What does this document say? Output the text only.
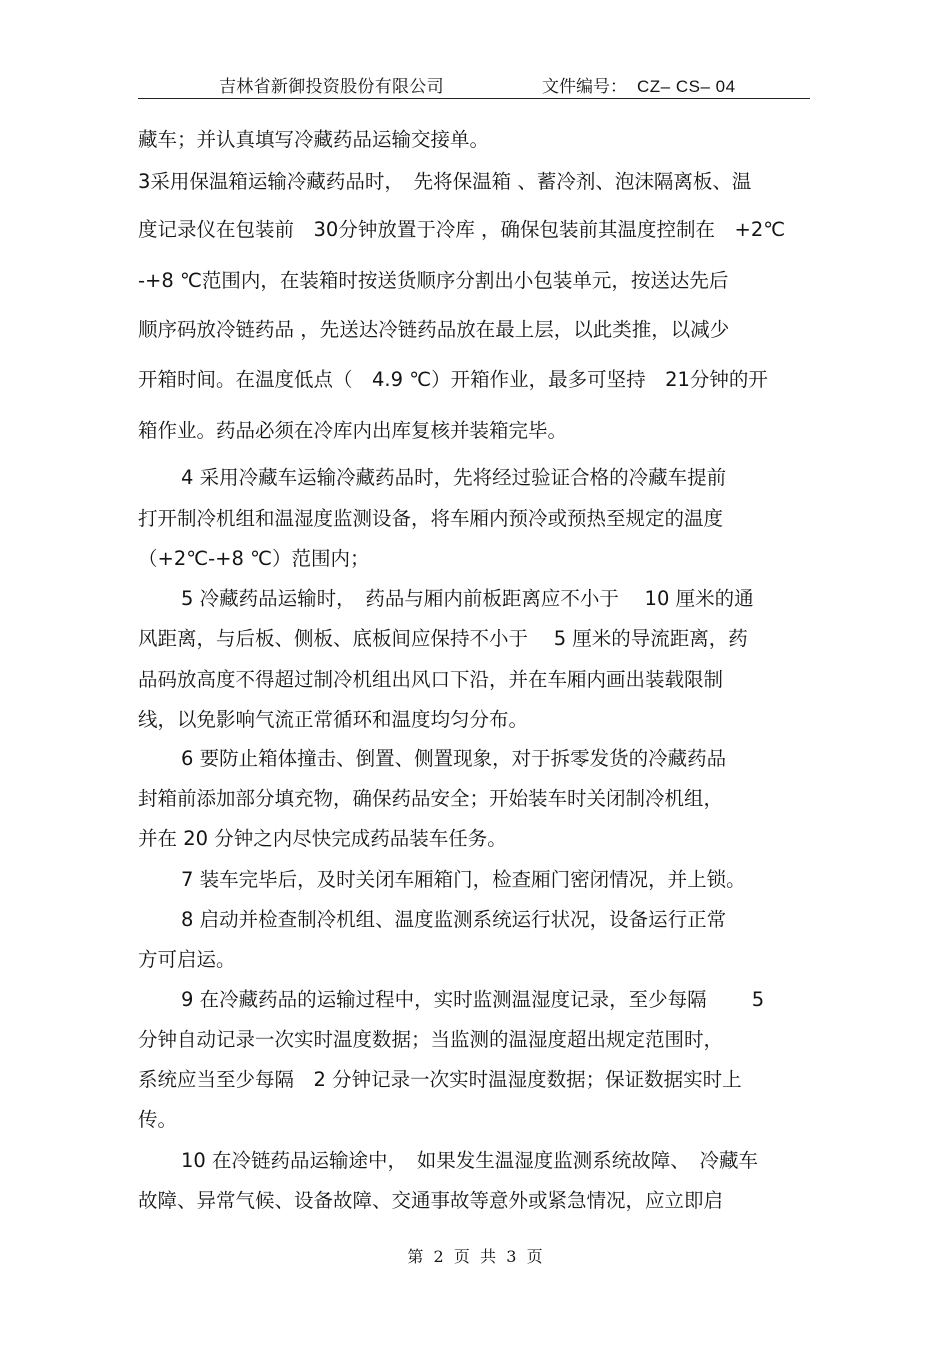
吉林省新御投资股份有限公司	文件编号： CZ– CS– 04
藏车；并认真填写冷藏药品运输交接单。
3采用保温箱运输冷藏药品时，　先将保温箱 、蓄冷剂、泡沫隔离板、温
度记录仪在包装前　30分钟放置于冷库 ，确保包装前其温度控制在　+2℃
-+8 ℃范围内，在装箱时按送货顺序分割出小包装单元，按送达先后
顺序码放冷链药品 ，先送达冷链药品放在最上层，以此类推，以减少
开箱时间。在温度低点（　4.9 ℃）开箱作业，最多可坚持　21分钟的开
箱作业。药品必须在冷库内出库复核并装箱完毕。
4 采用冷藏车运输冷藏药品时，先将经过验证合格的冷藏车提前
打开制冷机组和温湿度监测设备，将车厢内预冷或预热至规定的温度
（+2℃-+8 ℃）范围内；
5 冷藏药品运输时，　药品与厢内前板距离应不小于　 10 厘米的通
风距离，与后板、侧板、底板间应保持不小于　 5 厘米的导流距离，药
品码放高度不得超过制冷机组出风口下沿，并在车厢内画出装载限制
线，以免影响气流正常循环和温度均匀分布。
6 要防止箱体撞击、倒置、侧置现象，对于拆零发货的冷藏药品
封箱前添加部分填充物，确保药品安全；开始装车时关闭制冷机组，
并在 20 分钟之内尽快完成药品装车任务。
7 装车完毕后，及时关闭车厢箱门，检查厢门密闭情况，并上锁。
8 启动并检查制冷机组、温度监测系统运行状况，设备运行正常
方可启运。
9 在冷藏药品的运输过程中，实时监测温湿度记录，至少每隔　　 5
分钟自动记录一次实时温度数据；当监测的温湿度超出规定范围时，
系统应当至少每隔　2 分钟记录一次实时温湿度数据；保证数据实时上
传。
10 在冷链药品运输途中，　如果发生温湿度监测系统故障、　冷藏车
故障、异常气候、设备故障、交通事故等意外或紧急情况，应立即启
第  2  页  共  3  页
